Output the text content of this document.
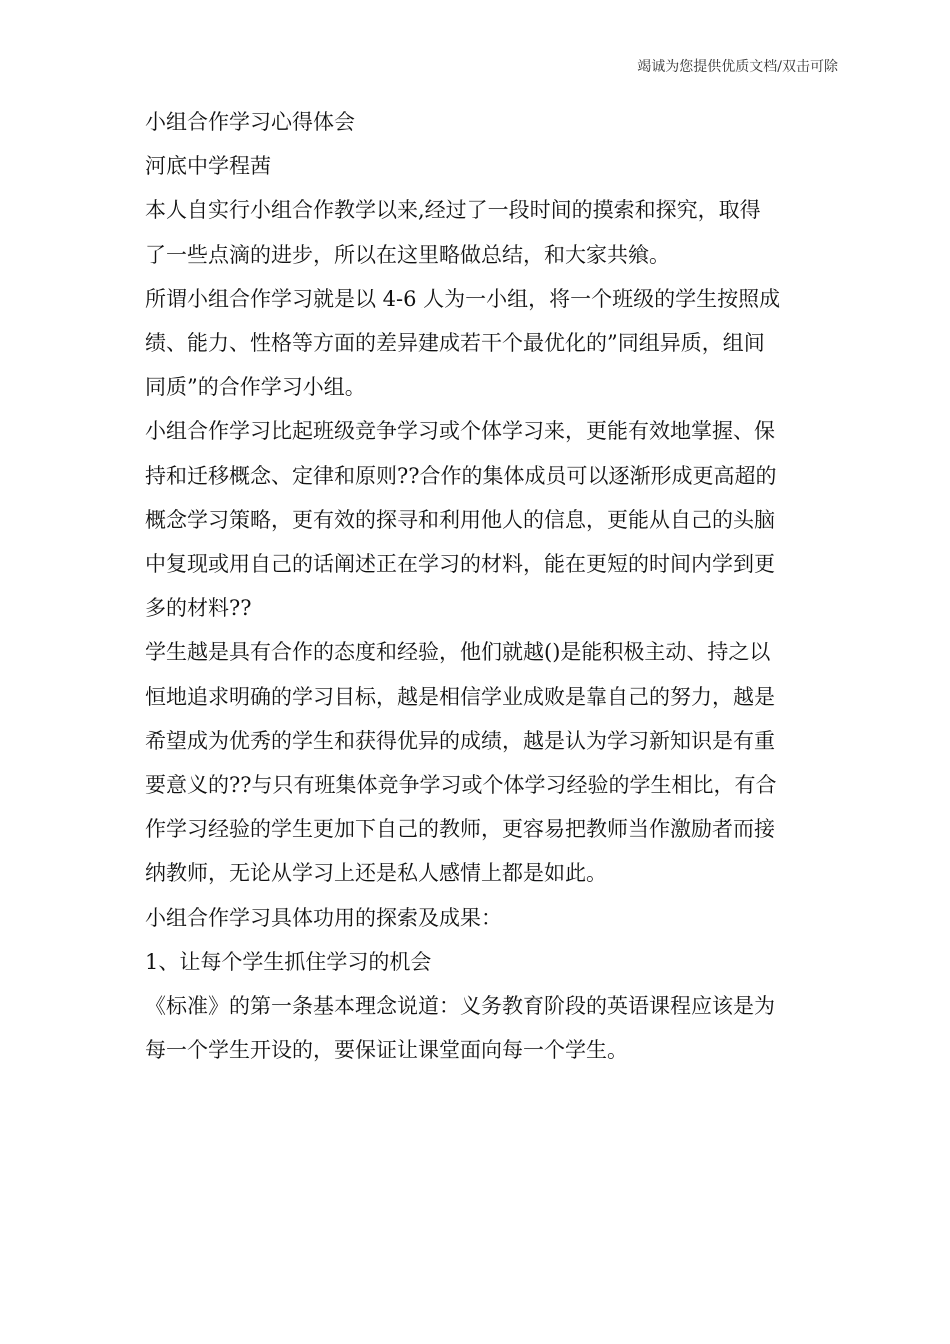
竭诚为您提供优质文档/双击可除
小组合作学习心得体会
河底中学程茜
本人自实行小组合作教学以来,经过了一段时间的摸索和探究，取得
了一些点滴的进步，所以在这里略做总结，和大家共飨。
所谓小组合作学习就是以 4-6 人为一小组，将一个班级的学生按照成
绩、能力、性格等方面的差异建成若干个最优化的”同组异质，组间
同质”的合作学习小组。
小组合作学习比起班级竞争学习或个体学习来，更能有效地掌握、保
持和迁移概念、定律和原则??合作的集体成员可以逐渐形成更高超的
概念学习策略，更有效的探寻和利用他人的信息，更能从自己的头脑
中复现或用自己的话阐述正在学习的材料，能在更短的时间内学到更
多的材料??
学生越是具有合作的态度和经验，他们就越()是能积极主动、持之以
恒地追求明确的学习目标，越是相信学业成败是靠自己的努力，越是
希望成为优秀的学生和获得优异的成绩，越是认为学习新知识是有重
要意义的??与只有班集体竞争学习或个体学习经验的学生相比，有合
作学习经验的学生更加下自己的教师，更容易把教师当作激励者而接
纳教师，无论从学习上还是私人感情上都是如此。
小组合作学习具体功用的探索及成果：
1、让每个学生抓住学习的机会
《标准》的第一条基本理念说道：义务教育阶段的英语课程应该是为
每一个学生开设的，要保证让课堂面向每一个学生。
